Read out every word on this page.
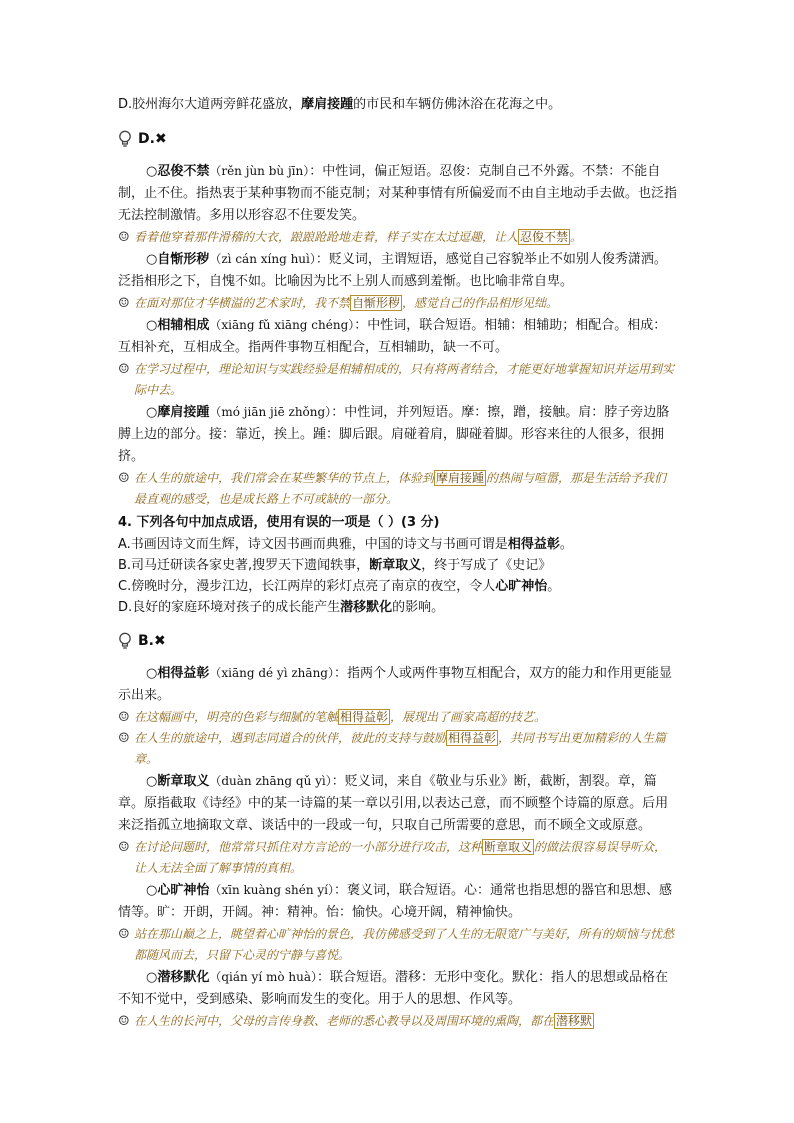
D.胶州海尔大道两旁鲜花盛放，摩肩接踵的市民和车辆仿佛沐浴在花海之中。

D.✖

○忍俊不禁（rěn jùn bù jīn）：中性词，偏正短语。忍俊：克制自己不外露。不禁：不能自制，止不住。指热衷于某种事物而不能克制；对某种事情有所偏爱而不由自主地动手去做。也泛指无法控制激情。多用以形容忍不住要发笑。

☺ 看着他穿着那件滑稽的大衣，踉踉跄跄地走着，样子实在太过逗趣，让人 忍俊不禁 。

○自惭形秽（zì cán xíng huì）：贬义词，主谓短语，感觉自己容貌举止不如别人俊秀潇洒。泛指相形之下，自愧不如。比喻因为比不上别人而感到羞惭。也比喻非常自卑。

☺ 在面对那位才华横溢的艺术家时，我不禁 自惭形秽 ，感觉自己的作品相形见绌。

○相辅相成（xiāng fǔ xiāng chéng）：中性词，联合短语。相辅：相辅助；相配合。相成：互相补充，互相成全。指两件事物互相配合，互相辅助，缺一不可。

☺ 在学习过程中，理论知识与实践经验是相辅相成的，只有将两者结合，才能更好地掌握知识并运用到实际中去。

○摩肩接踵（mó jiān jiē zhǒng）：中性词，并列短语。摩：擦，蹭，接触。肩：脖子旁边胳膊上边的部分。接：靠近，挨上。踵：脚后跟。肩碰着肩，脚碰着脚。形容来往的人很多，很拥挤。

☺ 在人生的旅途中，我们常会在某些繁华的节点上，体验到 摩肩接踵 的热闹与喧嚣，那是生活给予我们最直观的感受，也是成长路上不可或缺的一部分。

4. 下列各句中加点成语，使用有误的一项是（ ）(3 分)

A.书画因诗文而生辉，诗文因书画而典雅，中国的诗文与书画可谓是相得益彰。

B.司马迁研读各家史著,搜罗天下遗闻轶事，断章取义，终于写成了《史记》

C.傍晚时分，漫步江边，长江两岸的彩灯点亮了南京的夜空，令人心旷神怡。

D.良好的家庭环境对孩子的成长能产生潜移默化的影响。

B.✖

○相得益彰（xiāng dé yì zhāng）：指两个人或两件事物互相配合，双方的能力和作用更能显示出来。

☺ 在这幅画中，明亮的色彩与细腻的笔触 相得益彰 ，展现出了画家高超的技艺。
☺ 在人生的旅途中，遇到志同道合的伙伴，彼此的支持与鼓励 相得益彰 ，共同书写出更加精彩的人生篇章。

○断章取义（duàn zhāng qǔ yì）：贬义词，来自《敬业与乐业》断，截断，割裂。章，篇章。原指截取《诗经》中的某一诗篇的某一章以引用,以表达己意，而不顾整个诗篇的原意。后用来泛指孤立地摘取文章、谈话中的一段或一句，只取自己所需要的意思，而不顾全文或原意。

☺ 在讨论问题时，他常常只抓住对方言论的一小部分进行攻击，这种 断章取义 的做法很容易误导听众，让人无法全面了解事情的真相。

○心旷神怡（xīn kuàng shén yí）：褒义词，联合短语。心：通常也指思想的器官和思想、感情等。旷：开朗，开阔。神：精神。怡：愉快。心境开阔，精神愉快。

☺ 站在那山巅之上，眺望着心旷神怡的景色，我仿佛感受到了人生的无限宽广与美好，所有的烦恼与忧愁都随风而去，只留下心灵的宁静与喜悦。

○潜移默化（qián yí mò huà）：联合短语。潜移：无形中变化。默化：指人的思想或品格在不知不觉中，受到感染、影响而发生的变化。用于人的思想、作风等。

☺ 在人生的长河中，父母的言传身教、老师的悉心教导以及周围环境的熏陶，都在 潜移默
